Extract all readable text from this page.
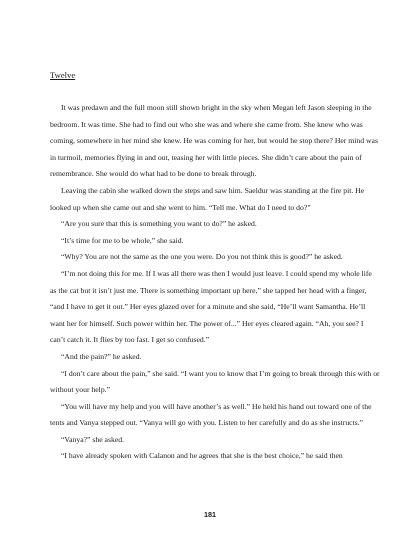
Twelve

It was predawn and the full moon still shown bright in the sky when Megan left Jason sleeping in the bedroom. It was time. She had to find out who she was and where she came from. She knew who was coming, somewhere in her mind she knew. He was coming for her, but would he stop there? Her mind was in turmoil, memories flying in and out, teasing her with little pieces. She didn’t care about the pain of remembrance. She would do what had to be done to break through.

Leaving the cabin she walked down the steps and saw him. Saeldur was standing at the fire pit. He looked up when she came out and she went to him. “Tell me. What do I need to do?”

“Are you sure that this is something you want to do?” he asked.

“It’s time for me to be whole,” she said.

“Why? You are not the same as the one you were. Do you not think this is good?” he asked.

“I’m not doing this for me. If I was all there was then I would just leave. I could spend my whole life as the cat but it isn’t just me. There is something important up here,” she tapped her head with a finger, “and I have to get it out.” Her eyes glazed over for a minute and she said, “He’ll want Samantha. He’ll want her for himself. Such power within her. The power of...” Her eyes cleared again. “Ah, you see? I can’t catch it. It flies by too fast. I get so confused.”

“And the pain?” he asked.

“I don’t care about the pain,” she said. “I want you to know that I’m going to break through this with or without your help.”

“You will have my help and you will have another’s as well.” He held his hand out toward one of the tents and Vanya stepped out. “Vanya will go with you. Listen to her carefully and do as she instructs.”

“Vanya?” she asked.

“I have already spoken with Calanon and he agrees that she is the best choice,” he said then

181
